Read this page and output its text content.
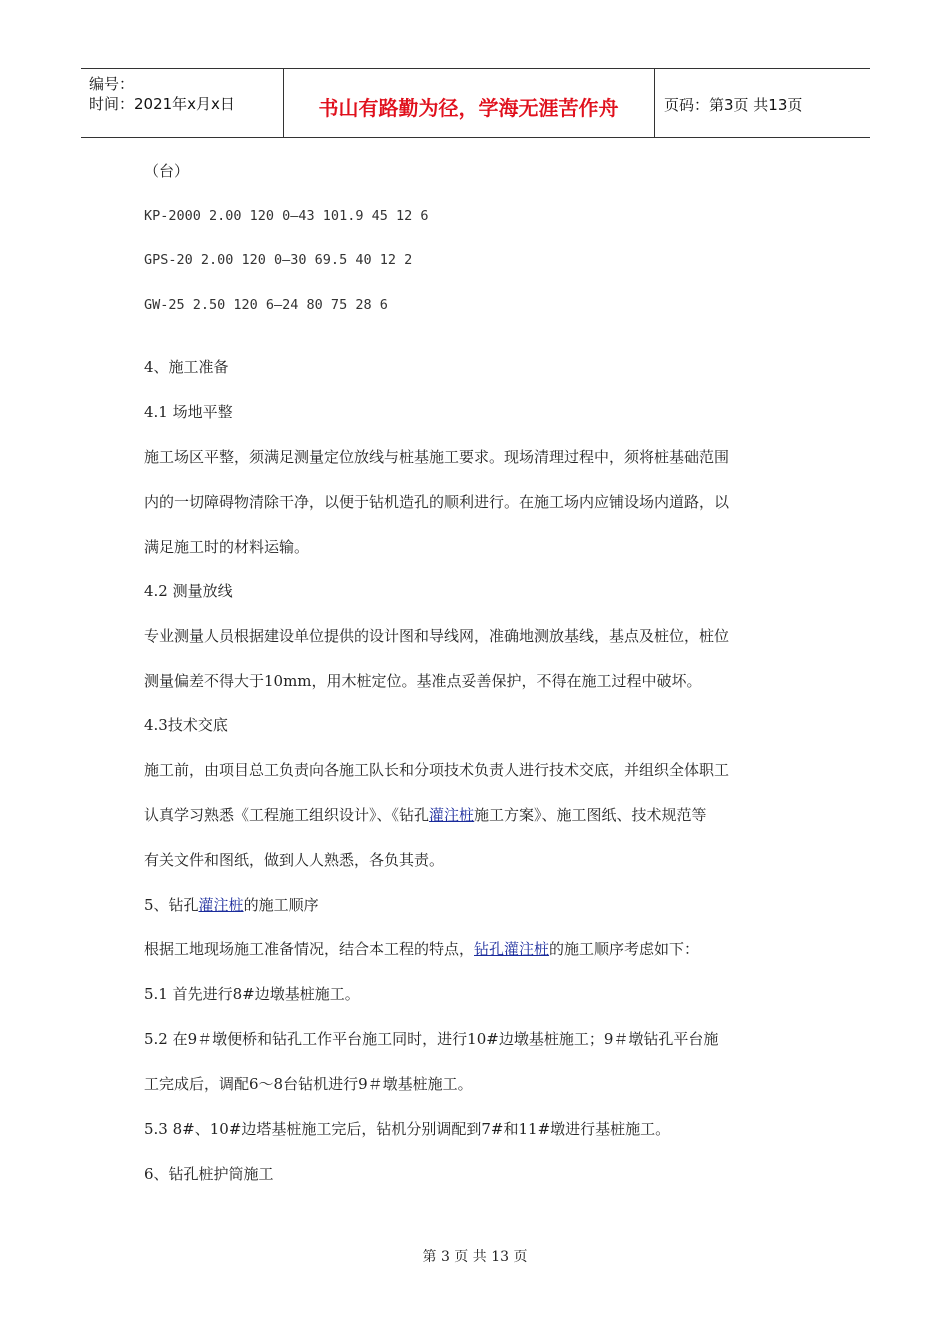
编号：
时间：2021年x月x日	书山有路勤为径，学海无涯苦作舟	页码：第3页 共13页
（台）
KP-2000 2.00 120 0—43 101.9 45 12 6
GPS-20 2.00 120 0—30 69.5 40 12 2
GW-25 2.50 120 6—24 80 75 28 6
4、施工准备
4.1 场地平整
施工场区平整，须满足测量定位放线与桩基施工要求。现场清理过程中，须将桩基础范围
内的一切障碍物清除干净，以便于钻机造孔的顺利进行。在施工场内应铺设场内道路，以
满足施工时的材料运输。
4.2 测量放线
专业测量人员根据建设单位提供的设计图和导线网，准确地测放基线，基点及桩位，桩位
测量偏差不得大于10mm，用木桩定位。基准点妥善保护，不得在施工过程中破坏。
4.3技术交底
施工前，由项目总工负责向各施工队长和分项技术负责人进行技术交底，并组织全体职工
认真学习熟悉《工程施工组织设计》、《钻孔灌注桩施工方案》、施工图纸、技术规范等
有关文件和图纸，做到人人熟悉，各负其责。
5、钻孔灌注桩的施工顺序
根据工地现场施工准备情况，结合本工程的特点，钻孔灌注桩的施工顺序考虑如下：
5.1 首先进行8#边墩基桩施工。
5.2 在9＃墩便桥和钻孔工作平台施工同时，进行10#边墩基桩施工；9＃墩钻孔平台施
工完成后，调配6～8台钻机进行9＃墩基桩施工。
5.3 8#、10#边塔基桩施工完后，钻机分别调配到7#和11#墩进行基桩施工。
6、钻孔桩护筒施工
第 3 页 共 13 页
